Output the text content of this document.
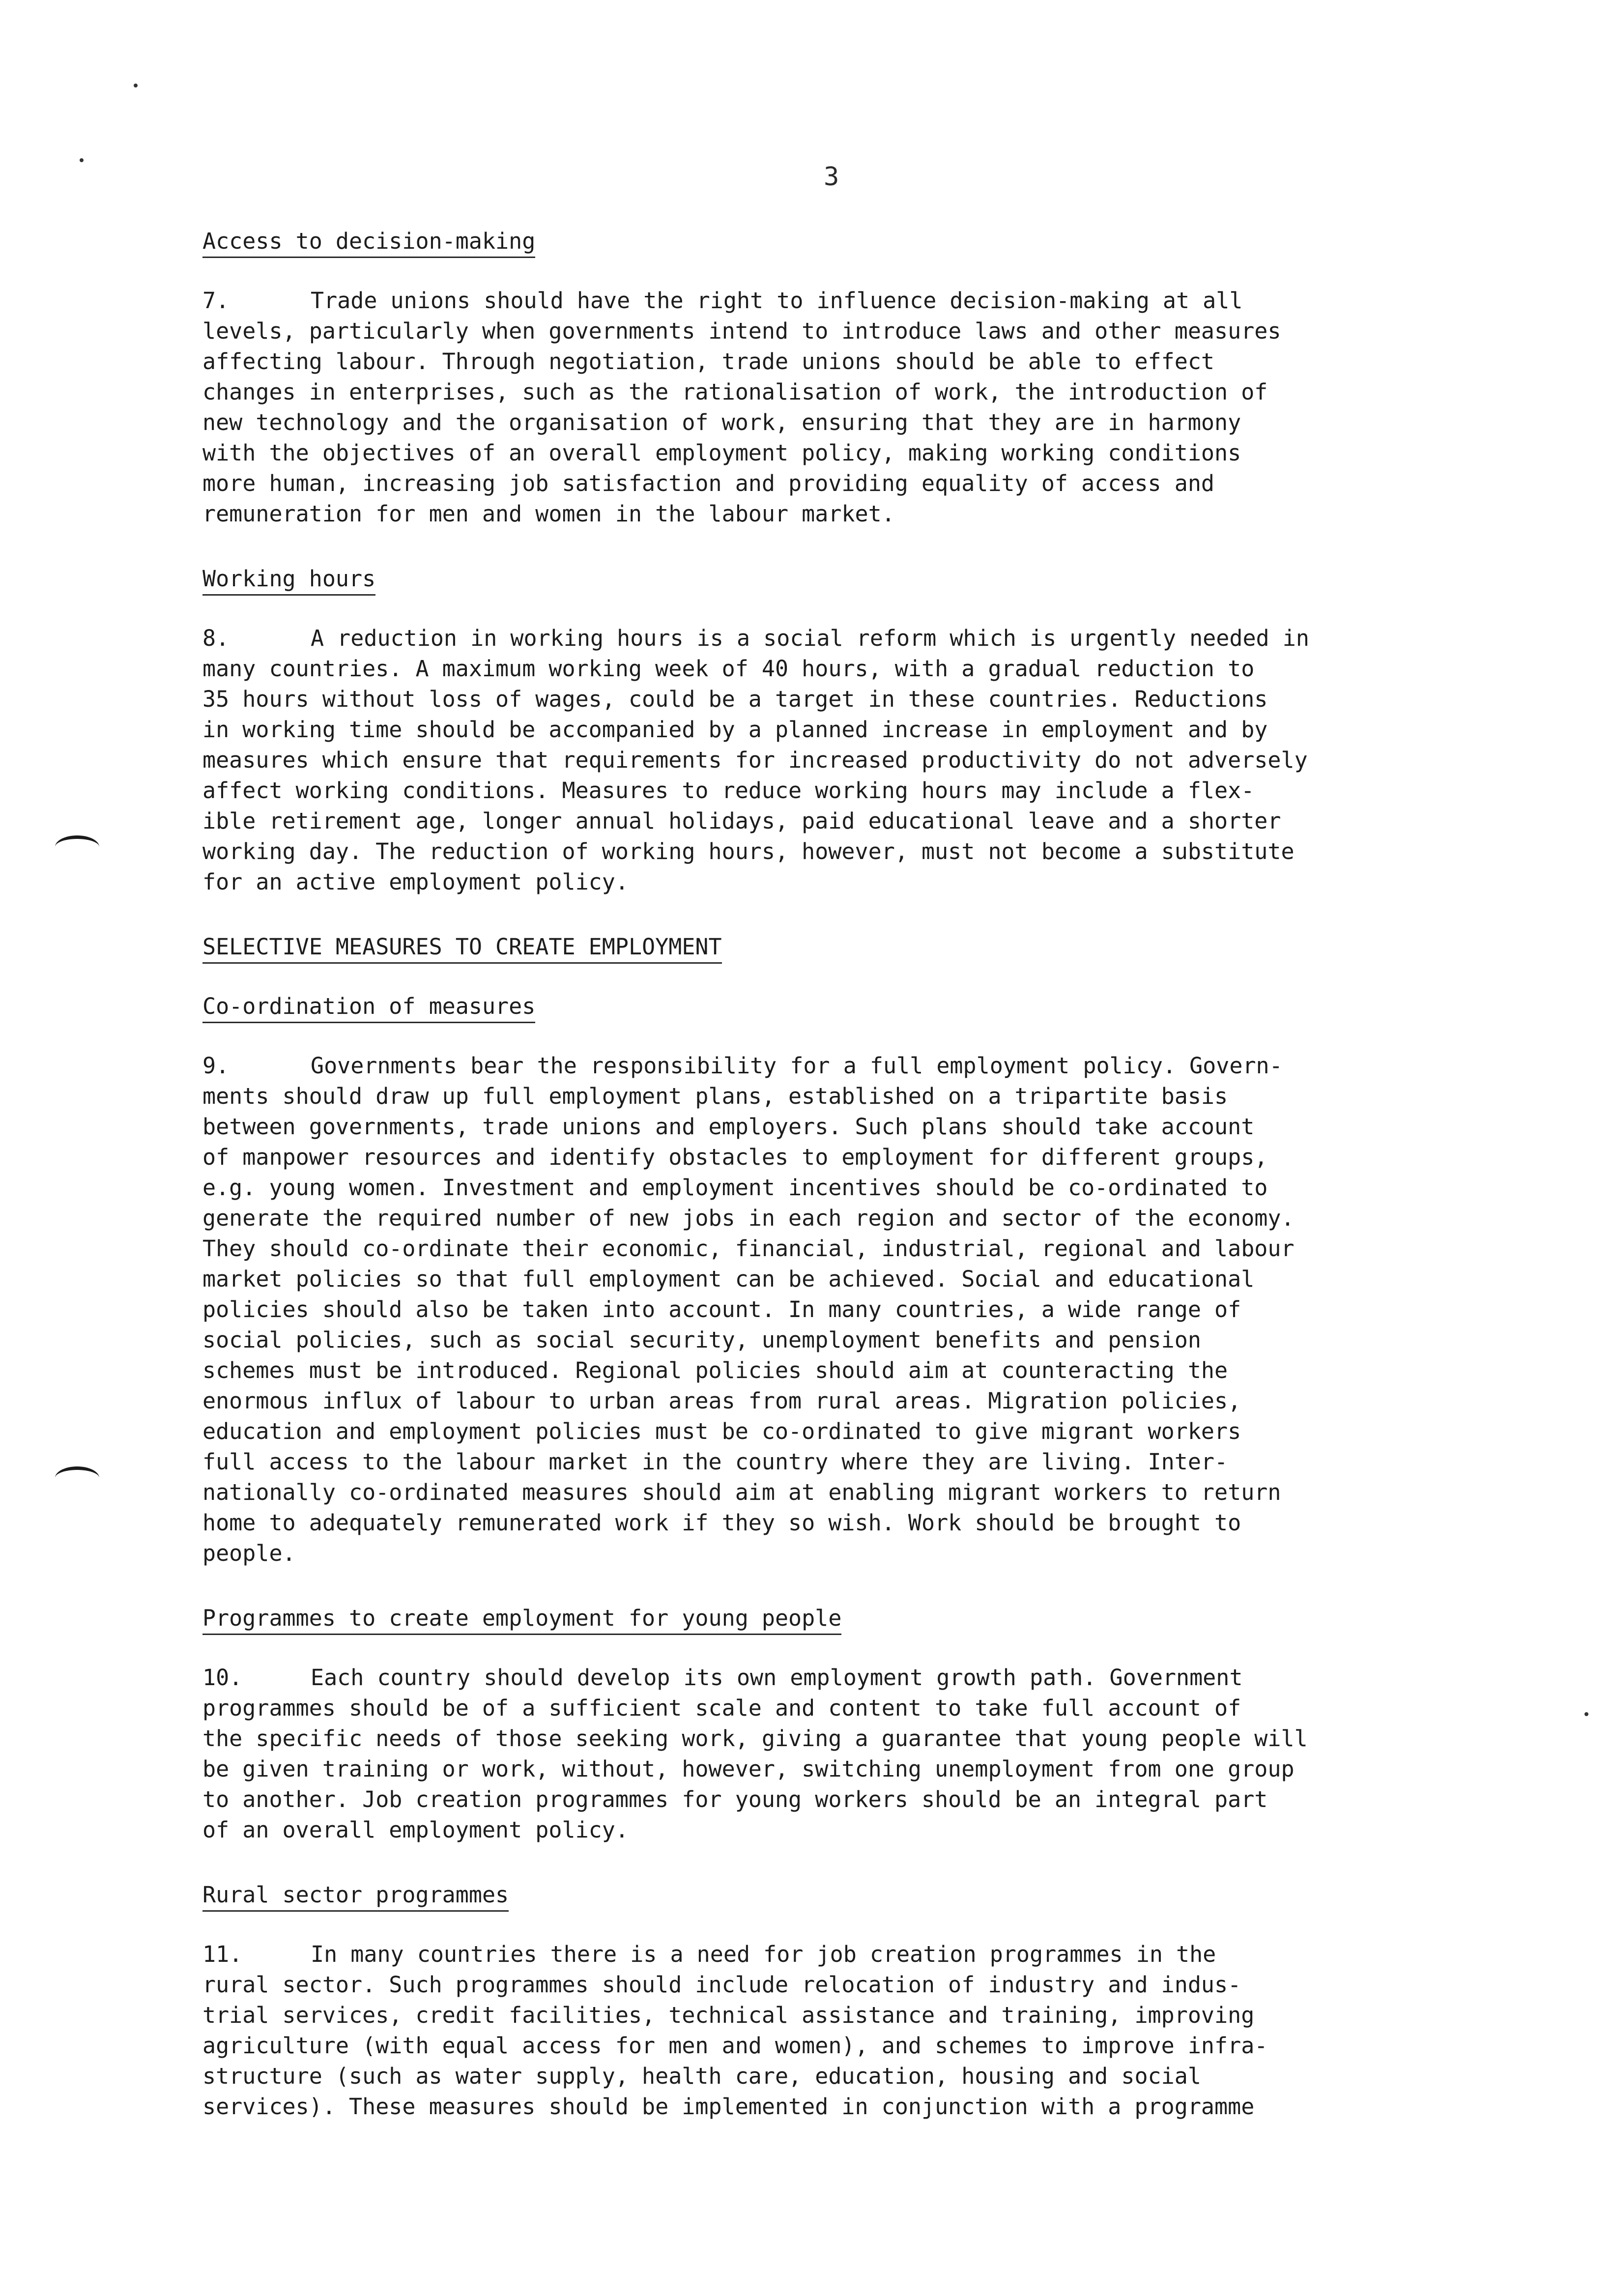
3
Access to decision-making
7.	Trade unions should have the right to influence decision-making at all
levels, particularly when governments intend to introduce laws and other measures
affecting labour. Through negotiation, trade unions should be able to effect
changes in enterprises, such as the rationalisation of work, the introduction of
new technology and the organisation of work, ensuring that they are in harmony
with the objectives of an overall employment policy, making working conditions
more human, increasing job satisfaction and providing equality of access and
remuneration for men and women in the labour market.
Working hours
8.	A reduction in working hours is a social reform which is urgently needed in
many countries. A maximum working week of 40 hours, with a gradual reduction to
35 hours without loss of wages, could be a target in these countries. Reductions
in working time should be accompanied by a planned increase in employment and by
measures which ensure that requirements for increased productivity do not adversely
affect working conditions. Measures to reduce working hours may include a flex-
ible retirement age, longer annual holidays, paid educational leave and a shorter
working day. The reduction of working hours, however, must not become a substitute
for an active employment policy.
SELECTIVE MEASURES TO CREATE EMPLOYMENT
Co-ordination of measures
9.	Governments bear the responsibility for a full employment policy. Govern-
ments should draw up full employment plans, established on a tripartite basis
between governments, trade unions and employers. Such plans should take account
of manpower resources and identify obstacles to employment for different groups,
e.g. young women. Investment and employment incentives should be co-ordinated to
generate the required number of new jobs in each region and sector of the economy.
They should co-ordinate their economic, financial, industrial, regional and labour
market policies so that full employment can be achieved. Social and educational
policies should also be taken into account. In many countries, a wide range of
social policies, such as social security, unemployment benefits and pension
schemes must be introduced. Regional policies should aim at counteracting the
enormous influx of labour to urban areas from rural areas. Migration policies,
education and employment policies must be co-ordinated to give migrant workers
full access to the labour market in the country where they are living. Inter-
nationally co-ordinated measures should aim at enabling migrant workers to return
home to adequately remunerated work if they so wish. Work should be brought to
people.
Programmes to create employment for young people
10.	Each country should develop its own employment growth path. Government
programmes should be of a sufficient scale and content to take full account of
the specific needs of those seeking work, giving a guarantee that young people will
be given training or work, without, however, switching unemployment from one group
to another. Job creation programmes for young workers should be an integral part
of an overall employment policy.
Rural sector programmes
11.	In many countries there is a need for job creation programmes in the
rural sector. Such programmes should include relocation of industry and indus-
trial services, credit facilities, technical assistance and training, improving
agriculture (with equal access for men and women), and schemes to improve infra-
structure (such as water supply, health care, education, housing and social
services). These measures should be implemented in conjunction with a programme
